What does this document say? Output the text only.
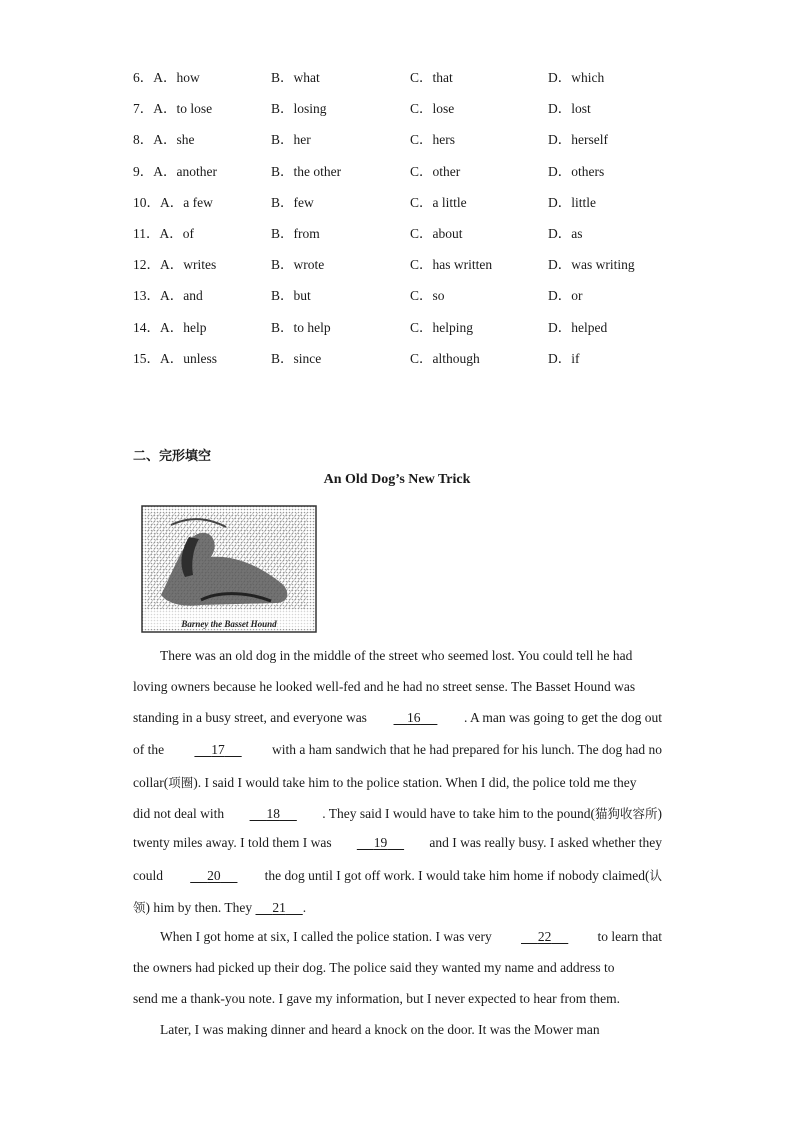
6．A．how	B．what	C．that	D．which
7．A．to lose	B．losing	C．lose	D．lost
8．A．she	B．her	C．hers	D．herself
9．A．another	B．the other	C．other	D．others
10．A．a few	B．few	C．a little	D．little
11．A．of	B．from	C．about	D．as
12．A．writes	B．wrote	C．has written	D．was writing
13．A．and	B．but	C．so	D．or
14．A．help	B．to help	C．helping	D．helped
15．A．unless	B．since	C．although	D．if
二、完形填空
An Old Dog’s New Trick
Barney the Basset Hound
There was an old dog in the middle of the street who seemed lost. You could tell he had
loving owners because he looked well-fed and he had no street sense. The Basset Hound was
standing in a busy street, and everyone was	16	. A man was going to get the dog out
of the	17	with a ham sandwich that he had prepared for his lunch. The dog had no
collar(项圈). I said I would take him to the police station. When I did, the police told me they
did not deal with	18	. They said I would have to take him to the pound(猫狗收容所)
twenty miles away. I told them I was	19	and I was really busy. I asked whether they
could	20	the dog until I got off work. I would take him home if nobody claimed(认
领 ) him by then. They
	21	.
When I got home at six, I called the police station. I was very	22	to learn that
the owners had picked up their dog. The police said they wanted my name and address to
send me a thank-you note. I gave my information, but I never expected to hear from them.
Later, I was making dinner and heard a knock on the door. It was the Mower man
